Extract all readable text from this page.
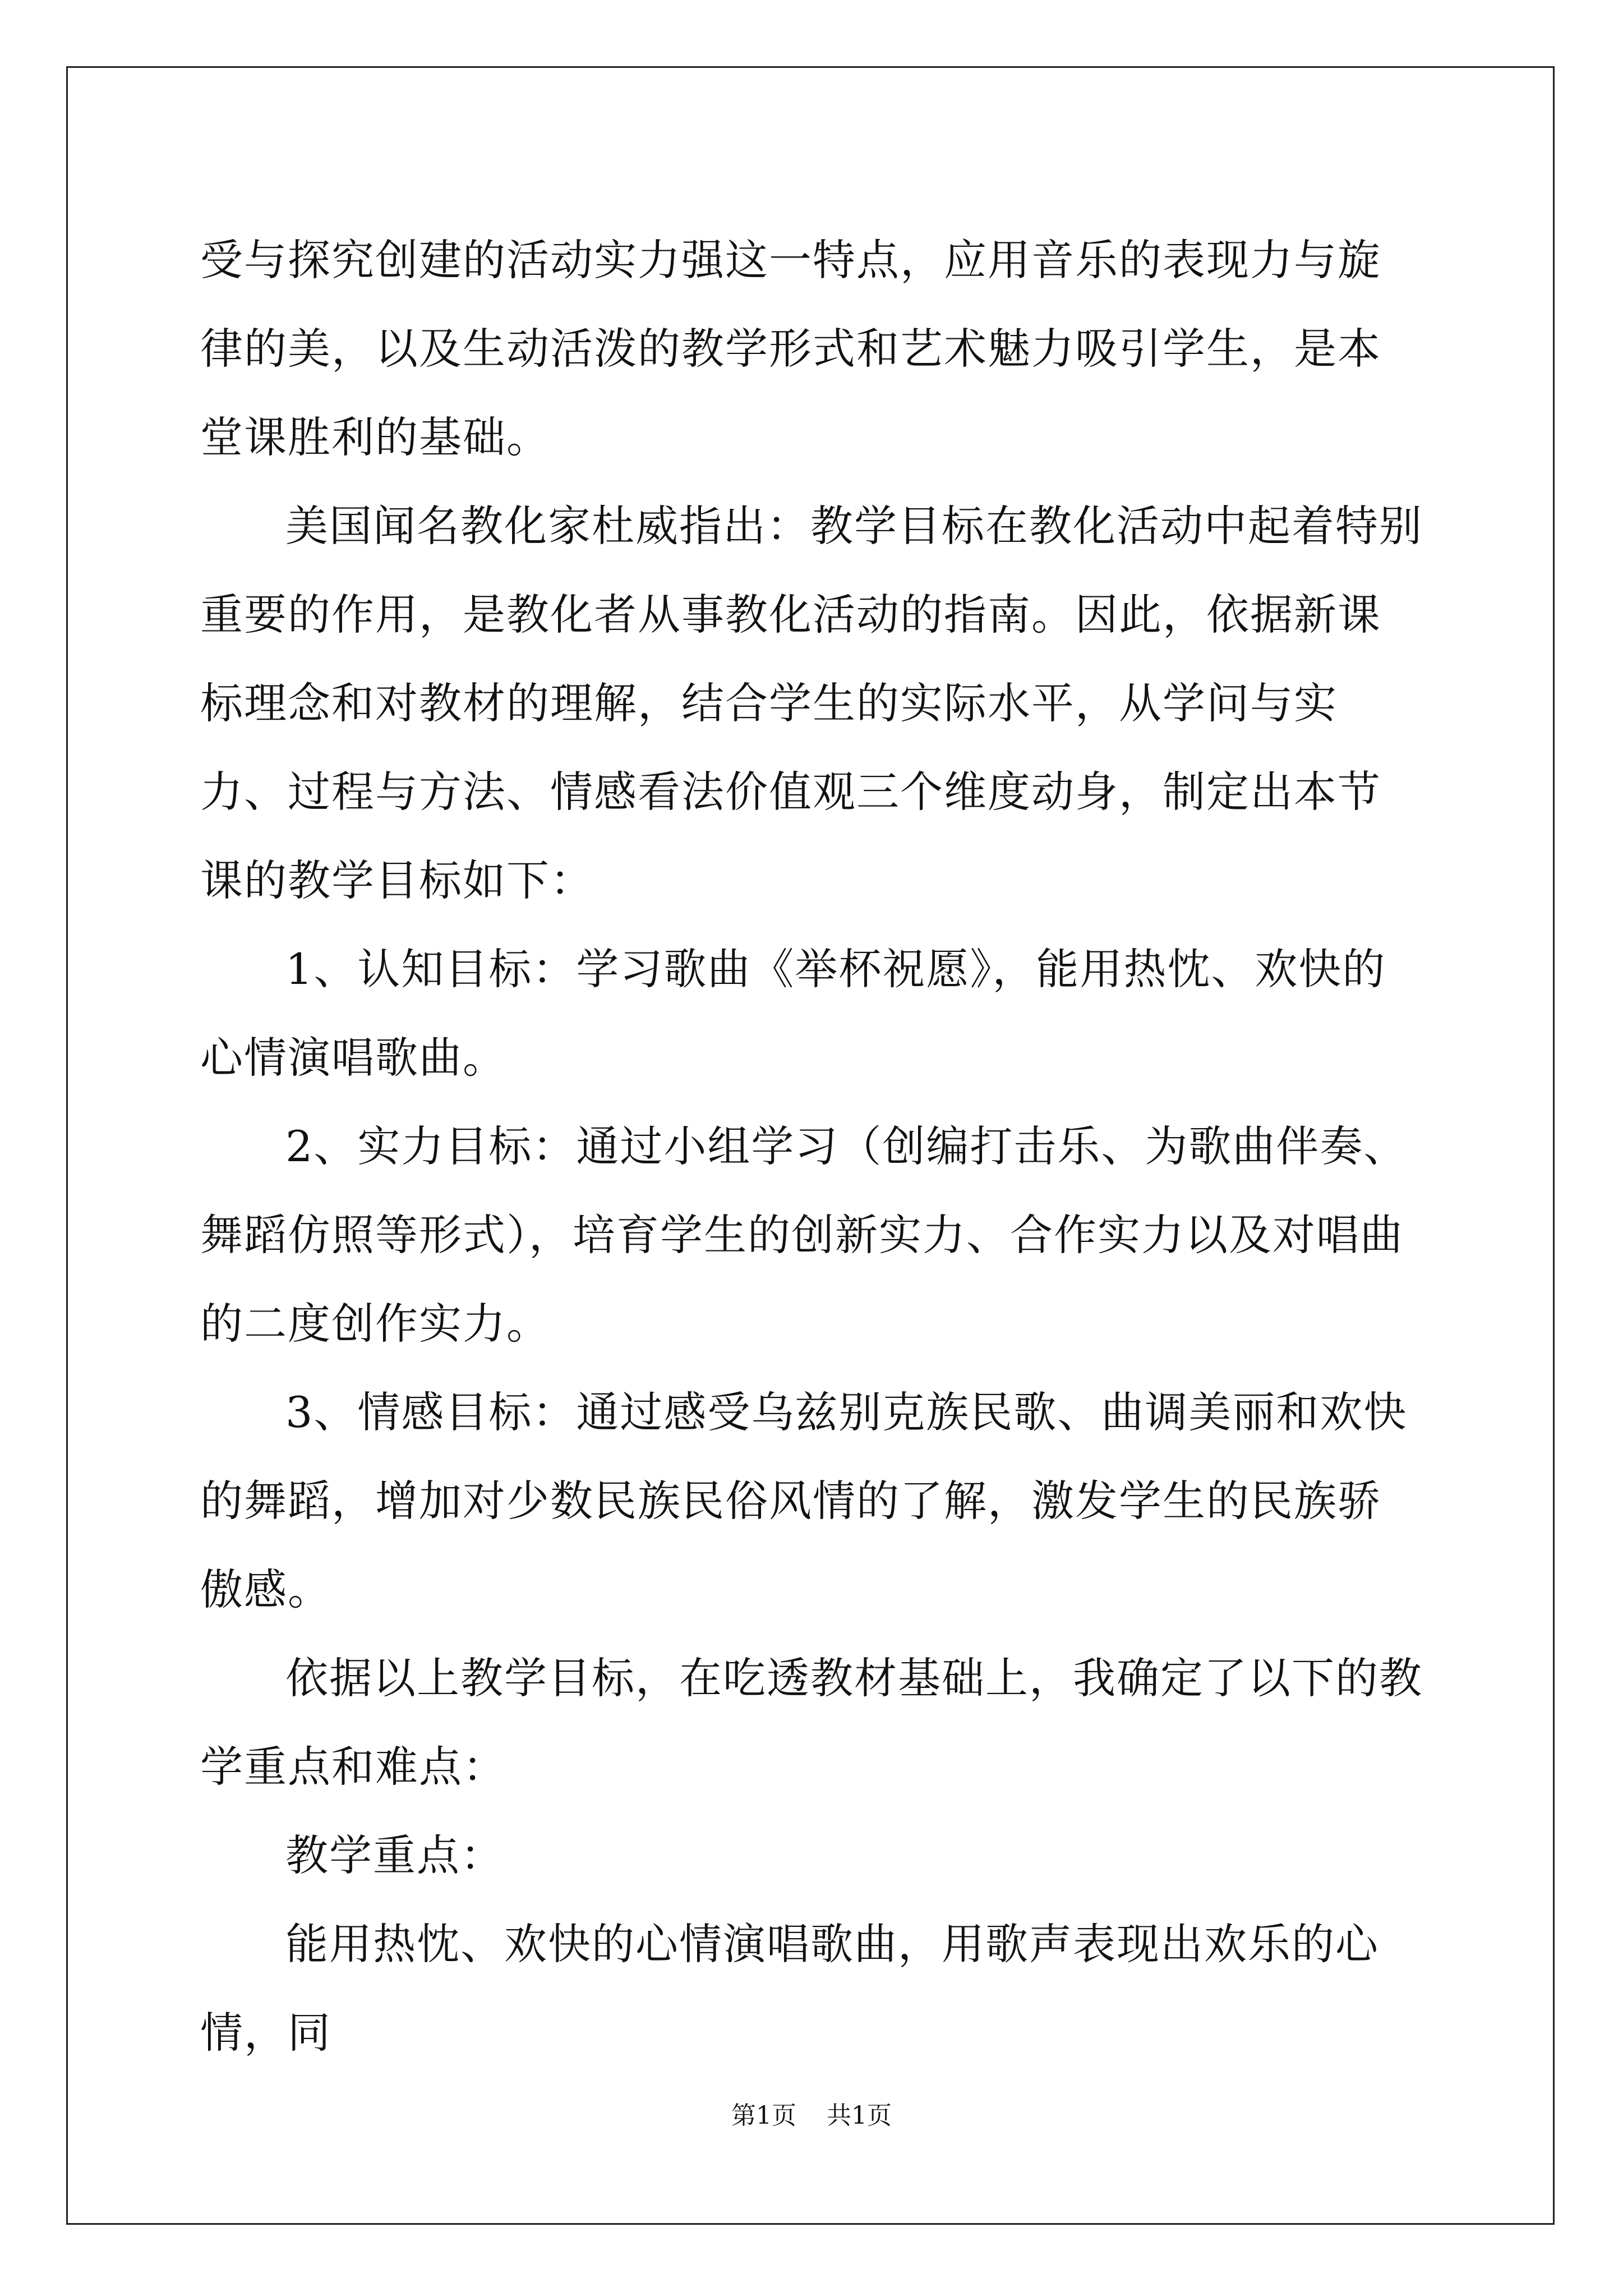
受与探究创建的活动实力强这一特点，应用音乐的表现力与旋律的美，以及生动活泼的教学形式和艺术魅力吸引学生，是本堂课胜利的基础。

美国闻名教化家杜威指出：教学目标在教化活动中起着特别重要的作用，是教化者从事教化活动的指南。因此，依据新课标理念和对教材的理解，结合学生的实际水平，从学问与实力、过程与方法、情感看法价值观三个维度动身，制定出本节课的教学目标如下：

1、认知目标：学习歌曲《举杯祝愿》，能用热忱、欢快的心情演唱歌曲。

2、实力目标：通过小组学习（创编打击乐、为歌曲伴奏、舞蹈仿照等形式），培育学生的创新实力、合作实力以及对唱曲的二度创作实力。

3、情感目标：通过感受乌兹别克族民歌、曲调美丽和欢快的舞蹈，增加对少数民族民俗风情的了解，激发学生的民族骄傲感。

依据以上教学目标，在吃透教材基础上，我确定了以下的教学重点和难点：

教学重点：

能用热忱、欢快的心情演唱歌曲，用歌声表现出欢乐的心情，同

第1页 共1页
